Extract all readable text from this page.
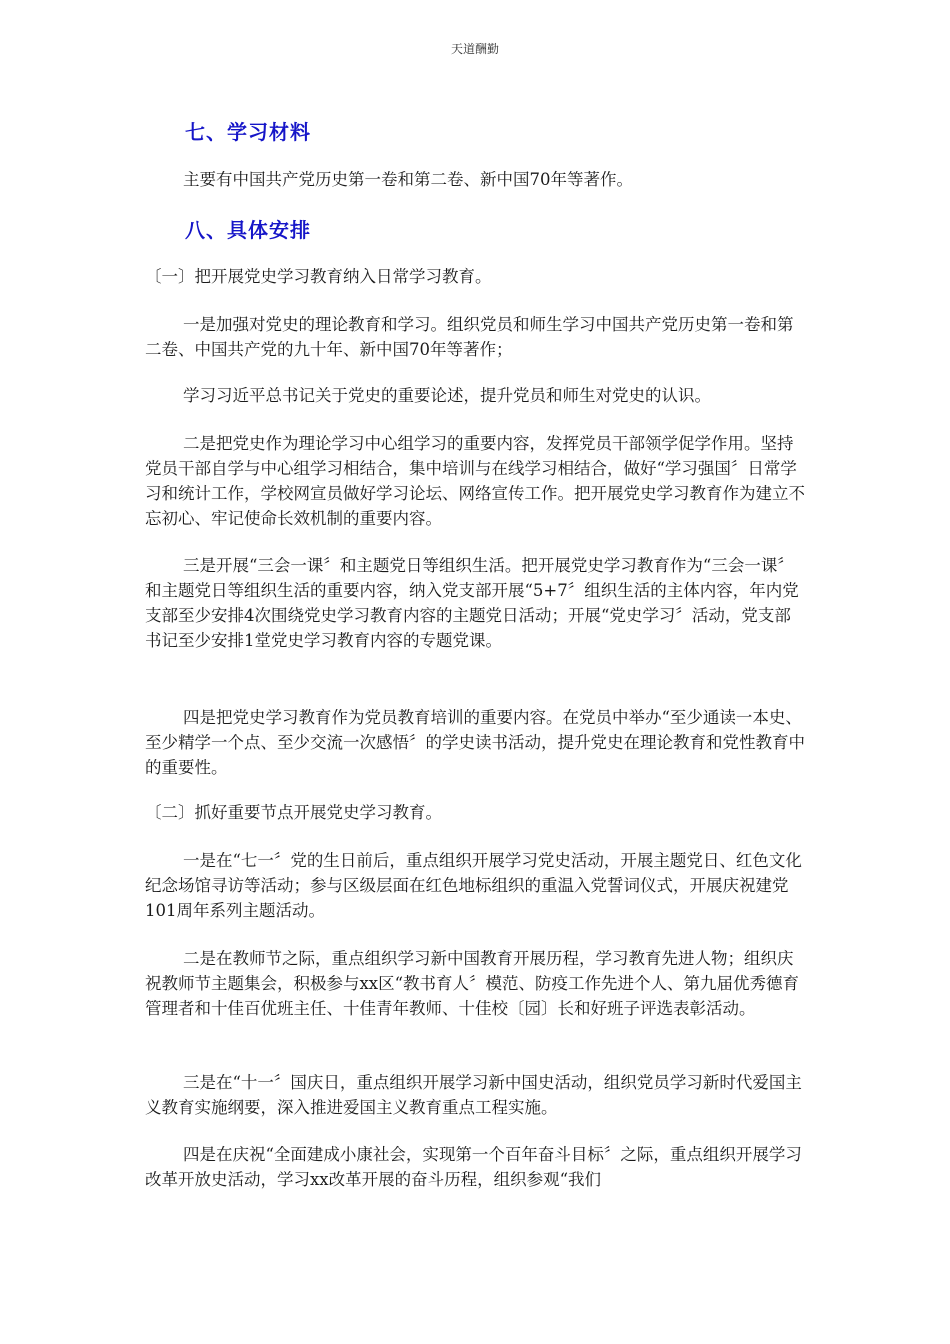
天道酬勤
七、学习材料
主要有中国共产党历史第一卷和第二卷、新中国70年等著作。
八、具体安排
〔一〕把开展党史学习教育纳入日常学习教育。
一是加强对党史的理论教育和学习。组织党员和师生学习中国共产党历史第一卷和第二卷、中国共产党的九十年、新中国70年等著作；
学习习近平总书记关于党史的重要论述，提升党员和师生对党史的认识。
二是把党史作为理论学习中心组学习的重要内容，发挥党员干部领学促学作用。坚持党员干部自学与中心组学习相结合，集中培训与在线学习相结合，做好“学习强国〞日常学习和统计工作，学校网宣员做好学习论坛、网络宣传工作。把开展党史学习教育作为建立不忘初心、牢记使命长效机制的重要内容。
三是开展“三会一课〞和主题党日等组织生活。把开展党史学习教育作为“三会一课〞和主题党日等组织生活的重要内容，纳入党支部开展“5+7〞组织生活的主体内容，年内党支部至少安排4次围绕党史学习教育内容的主题党日活动；开展“党史学习〞活动，党支部书记至少安排1堂党史学习教育内容的专题党课。
四是把党史学习教育作为党员教育培训的重要内容。在党员中举办“至少通读一本史、至少精学一个点、至少交流一次感悟〞的学史读书活动，提升党史在理论教育和党性教育中的重要性。
〔二〕抓好重要节点开展党史学习教育。
一是在“七一〞党的生日前后，重点组织开展学习党史活动，开展主题党日、红色文化纪念场馆寻访等活动；参与区级层面在红色地标组织的重温入党誓词仪式，开展庆祝建党101周年系列主题活动。
二是在教师节之际，重点组织学习新中国教育开展历程，学习教育先进人物；组织庆祝教师节主题集会，积极参与xx区“教书育人〞模范、防疫工作先进个人、第九届优秀德育管理者和十佳百优班主任、十佳青年教师、十佳校〔园〕长和好班子评选表彰活动。
三是在“十一〞国庆日，重点组织开展学习新中国史活动，组织党员学习新时代爱国主义教育实施纲要，深入推进爱国主义教育重点工程实施。
四是在庆祝“全面建成小康社会，实现第一个百年奋斗目标〞之际，重点组织开展学习改革开放史活动，学习xx改革开展的奋斗历程，组织参观“我们
